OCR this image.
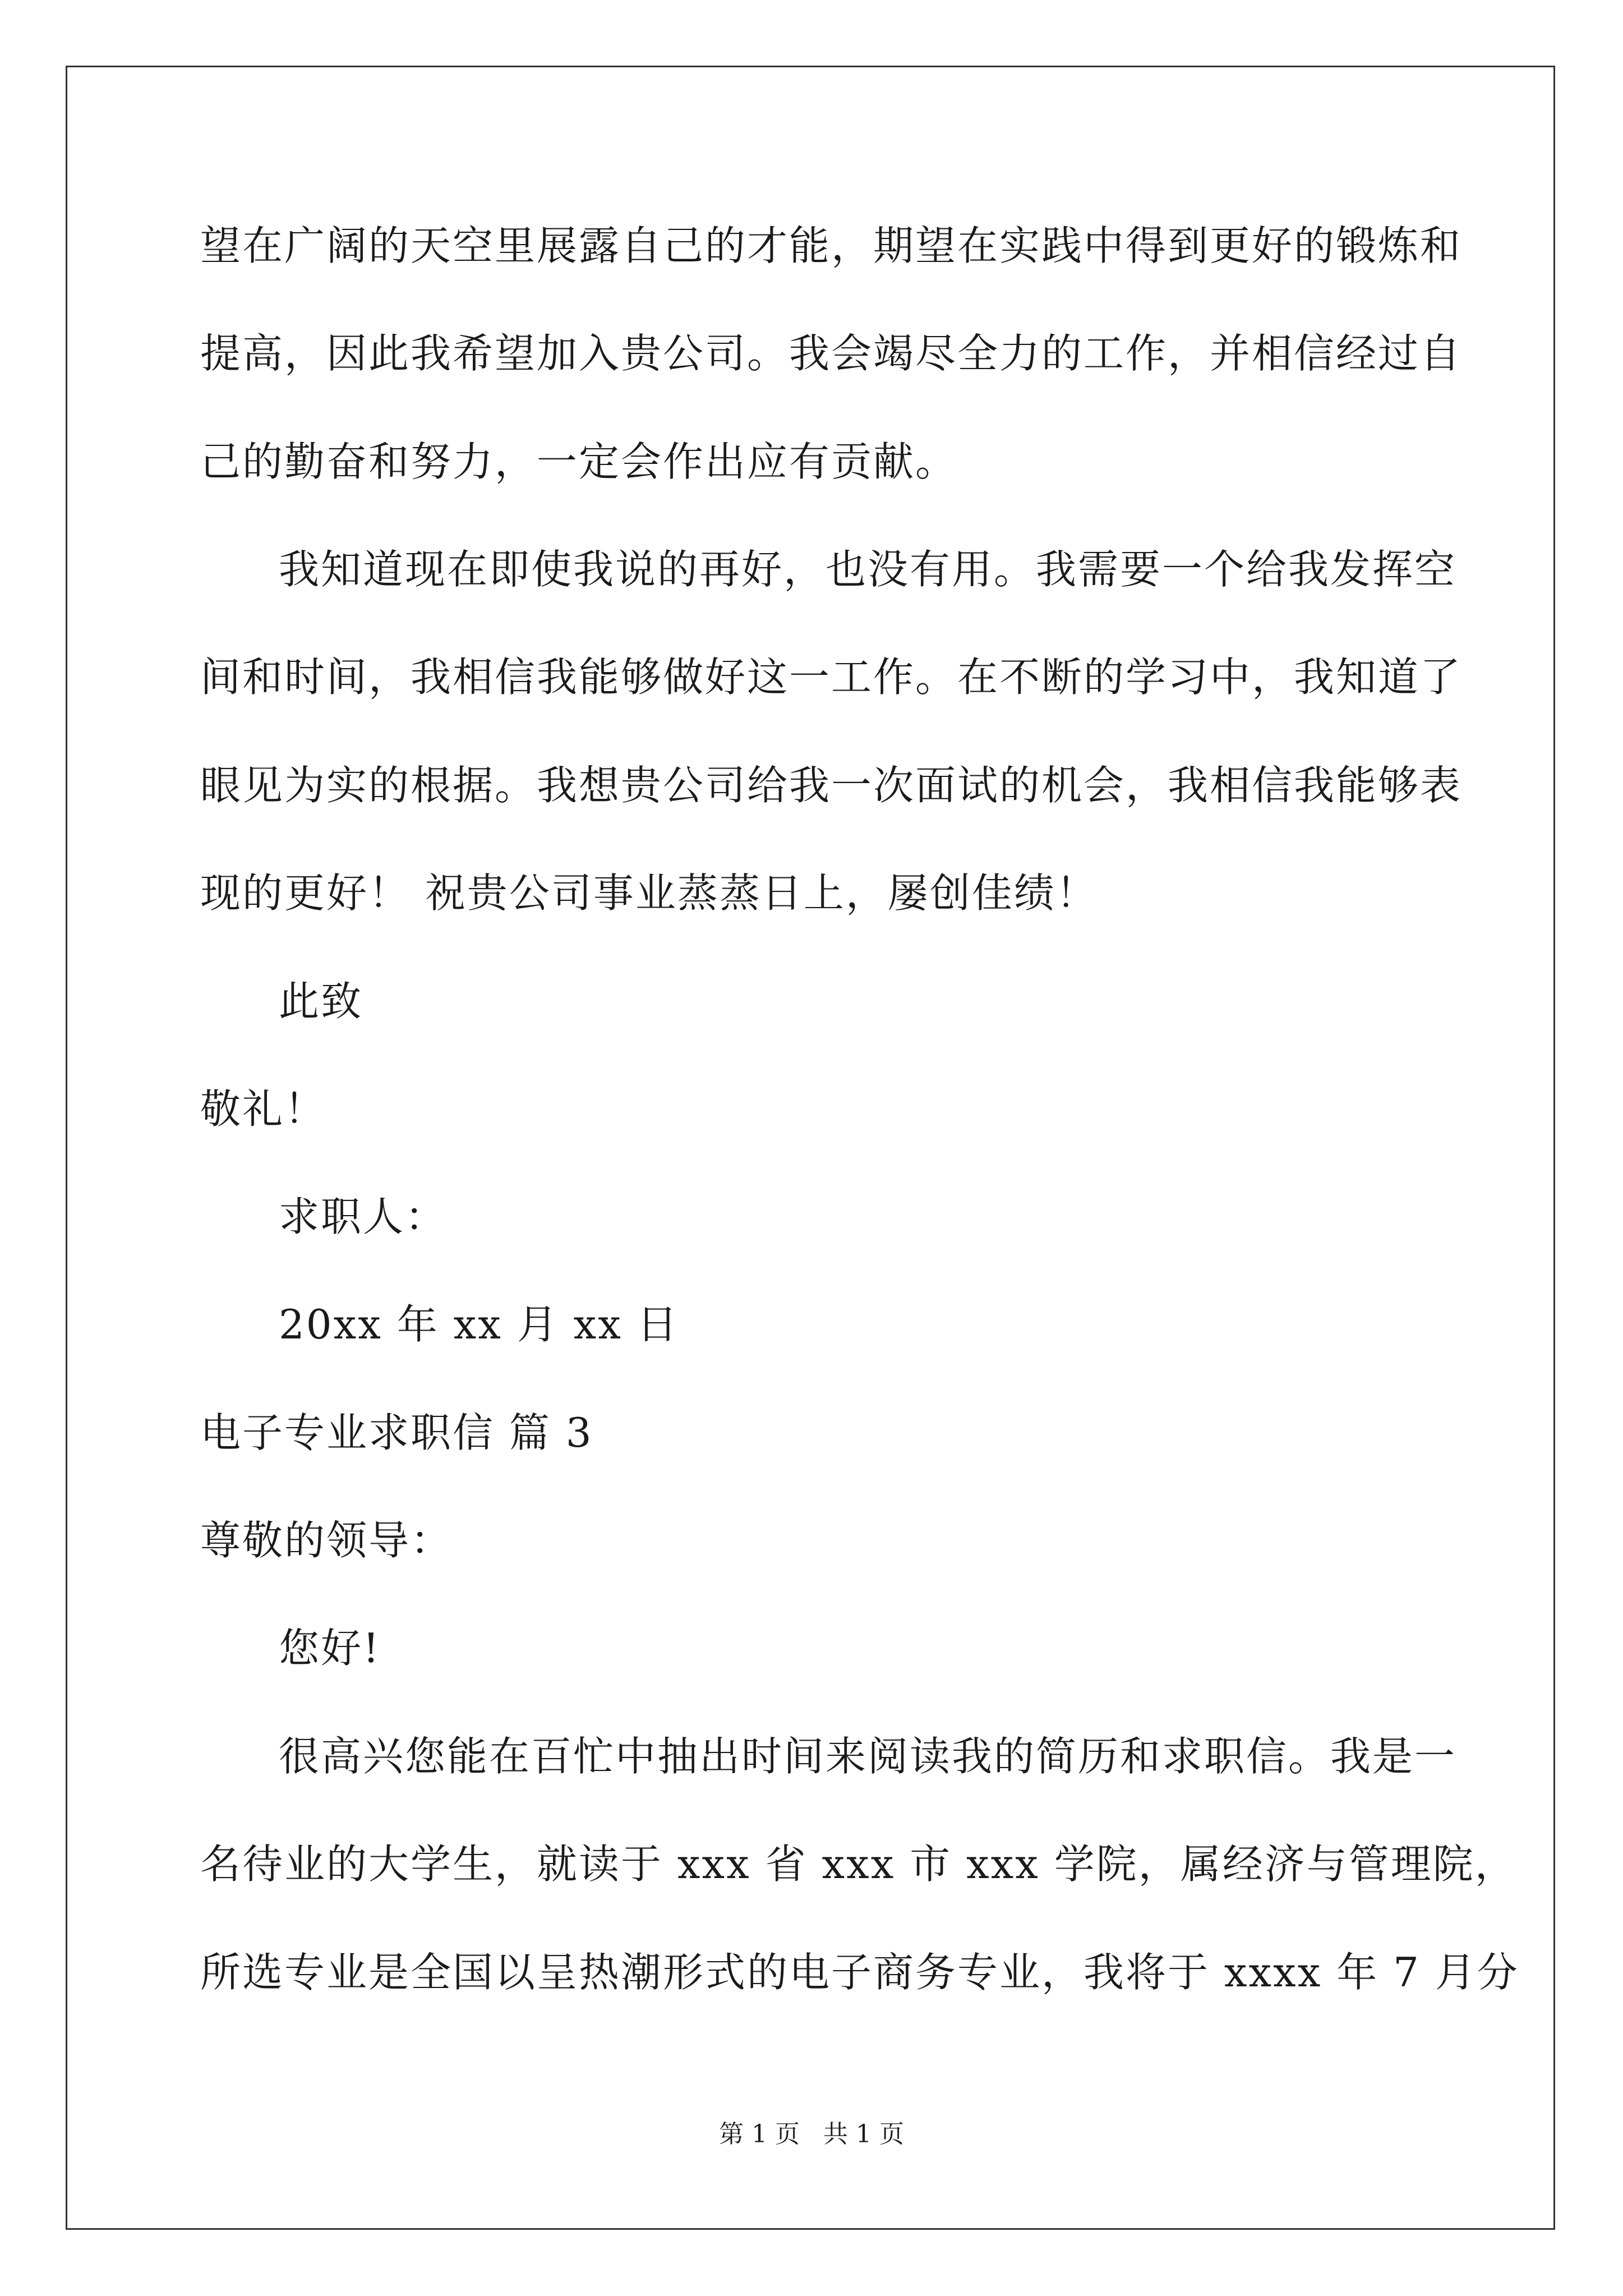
望在广阔的天空里展露自己的才能，期望在实践中得到更好的锻炼和
提高，因此我希望加入贵公司。我会竭尽全力的工作，并相信经过自
己的勤奋和努力，一定会作出应有贡献。
我知道现在即使我说的再好，也没有用。我需要一个给我发挥空
间和时间，我相信我能够做好这一工作。在不断的学习中，我知道了
眼见为实的根据。我想贵公司给我一次面试的机会，我相信我能够表
现的更好！ 祝贵公司事业蒸蒸日上，屡创佳绩！
此致
敬礼！
求职人：
20xx 年 xx 月 xx 日
电子专业求职信 篇 3
尊敬的领导：
您好!
很高兴您能在百忙中抽出时间来阅读我的简历和求职信。我是一
名待业的大学生，就读于 xxx 省 xxx 市 xxx 学院，属经济与管理院，
所选专业是全国以呈热潮形式的电子商务专业，我将于 xxxx 年 7 月分
第 1 页   共 1 页
